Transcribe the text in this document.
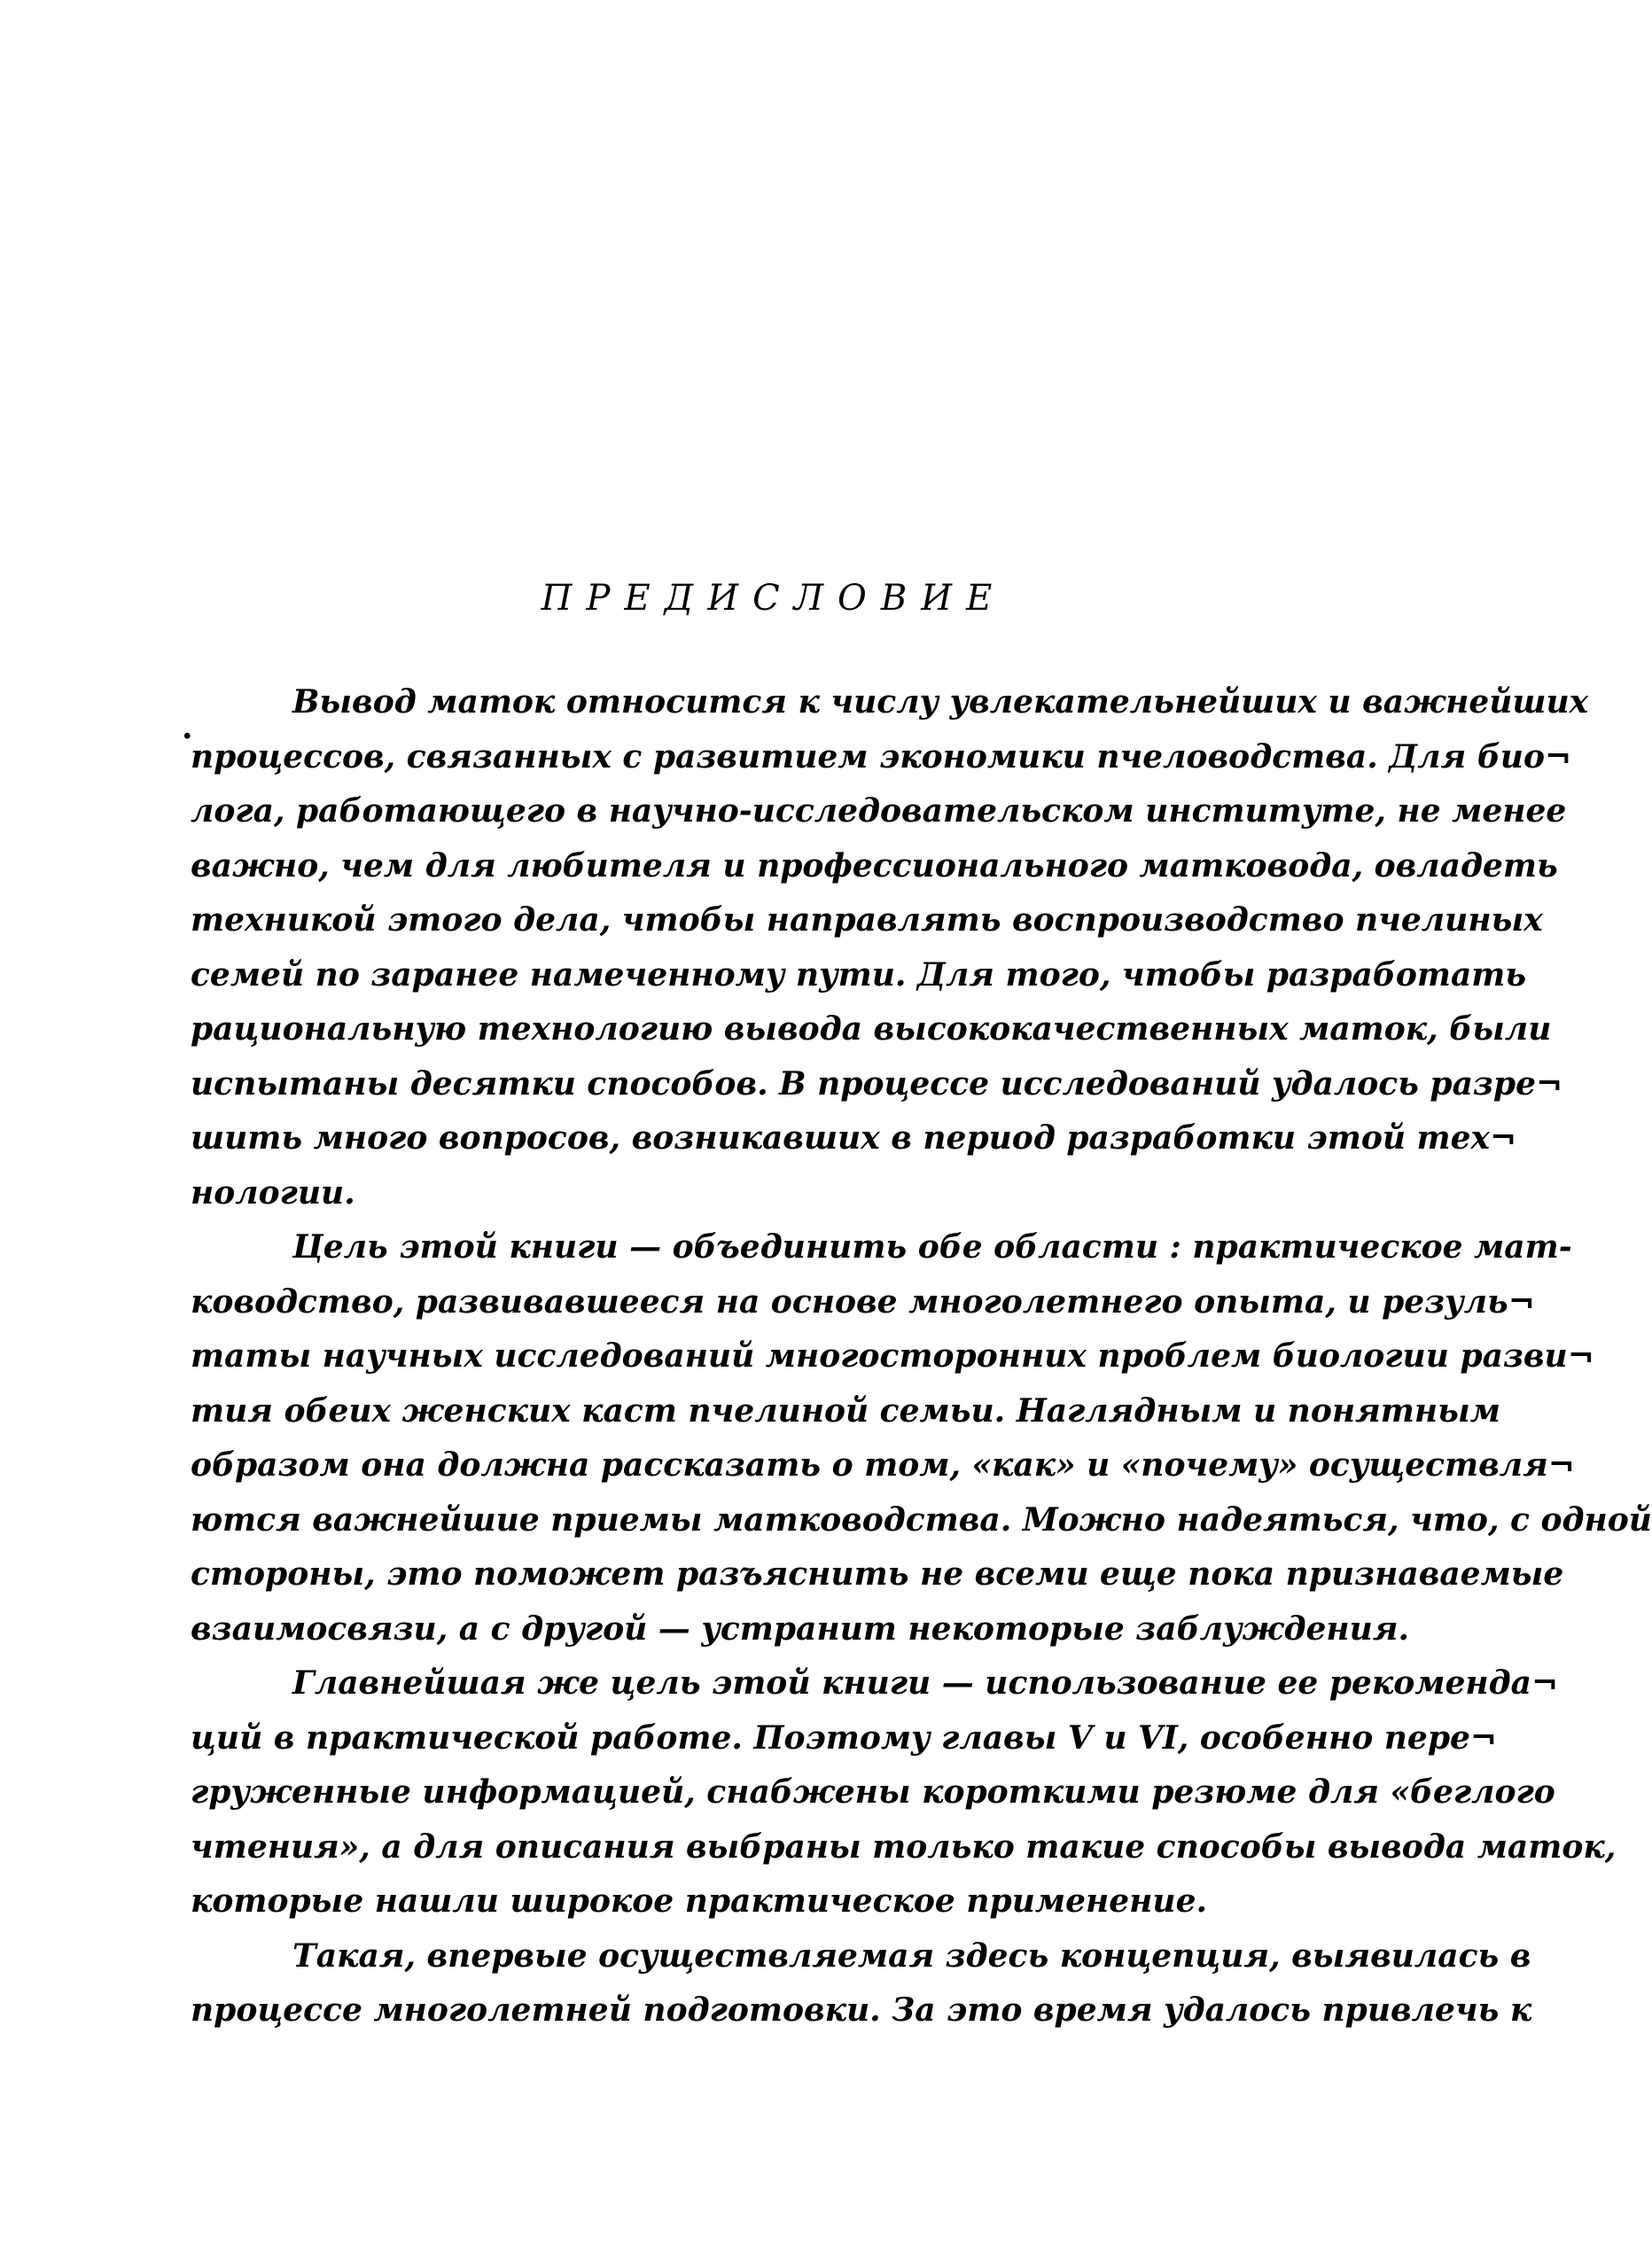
ПРЕДИСЛОВИЕ
.
Вывод маток относится к числу увлекательнейших и важнейших
процессов, связанных с развитием экономики пчеловодства. Для био¬
лога, работающего в научно-исследовательском институте, не менее
важно, чем для любителя и профессионального матковода, овладеть
техникой этого дела, чтобы направлять воспроизводство пчелиных
семей по заранее намеченному пути. Для того, чтобы разработать
рациональную технологию вывода высококачественных маток, были
испытаны десятки способов. В процессе исследований удалось разре¬
шить много вопросов, возникавших в период разработки этой тех¬
нологии.
Цель этой книги — объединить обе области : практическое мат-
ководство, развивавшееся на основе многолетнего опыта, и резуль¬
таты научных исследований многосторонних проблем биологии разви¬
тия обеих женских каст пчелиной семьи. Наглядным и понятным
образом она должна рассказать о том, «как» и «почему» осуществля¬
ются важнейшие приемы матководства. Можно надеяться, что, с одной
стороны, это поможет разъяснить не всеми еще пока признаваемые
взаимосвязи, а с другой — устранит некоторые заблуждения.
Главнейшая же цель этой книги — использование ее рекоменда¬
ций в практической работе. Поэтому главы V и VI, особенно пере¬
груженные информацией, снабжены короткими резюме для «беглого
чтения», а для описания выбраны только такие способы вывода маток,
которые нашли широкое практическое применение.
Такая, впервые осуществляемая здесь концепция, выявилась в
процессе многолетней подготовки. За это время удалось привлечь к
